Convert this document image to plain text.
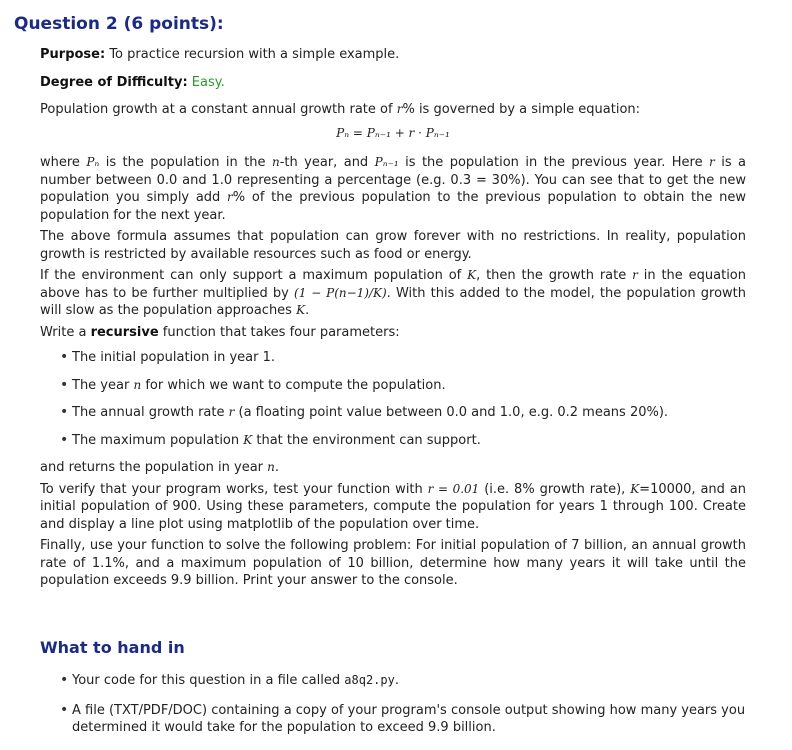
Question 2 (6 points):

Purpose: To practice recursion with a simple example.

Degree of Difficulty: Easy.

Population growth at a constant annual growth rate of r% is governed by a simple equation:

Pₙ = Pₙ₋₁ + r · Pₙ₋₁

where Pₙ is the population in the n-th year, and Pₙ₋₁ is the population in the previous year. Here r is a number between 0.0 and 1.0 representing a percentage (e.g. 0.3 = 30%). You can see that to get the new population you simply add r% of the previous population to the previous population to obtain the new population for the next year.

The above formula assumes that population can grow forever with no restrictions. In reality, population growth is restricted by available resources such as food or energy.

If the environment can only support a maximum population of K, then the growth rate r in the equation above has to be further multiplied by (1 − P(n−1)/K). With this added to the model, the population growth will slow as the population approaches K.

Write a recursive function that takes four parameters:

• The initial population in year 1.
• The year n for which we want to compute the population.
• The annual growth rate r (a floating point value between 0.0 and 1.0, e.g. 0.2 means 20%).
• The maximum population K that the environment can support.

and returns the population in year n.

To verify that your program works, test your function with r = 0.01 (i.e. 8% growth rate), K=10000, and an initial population of 900. Using these parameters, compute the population for years 1 through 100. Create and display a line plot using matplotlib of the population over time.

Finally, use your function to solve the following problem: For initial population of 7 billion, an annual growth rate of 1.1%, and a maximum population of 10 billion, determine how many years it will take until the population exceeds 9.9 billion. Print your answer to the console.

What to hand in
• Your code for this question in a file called a8q2.py.
• A file (TXT/PDF/DOC) containing a copy of your program's console output showing how many years you determined it would take for the population to exceed 9.9 billion.
